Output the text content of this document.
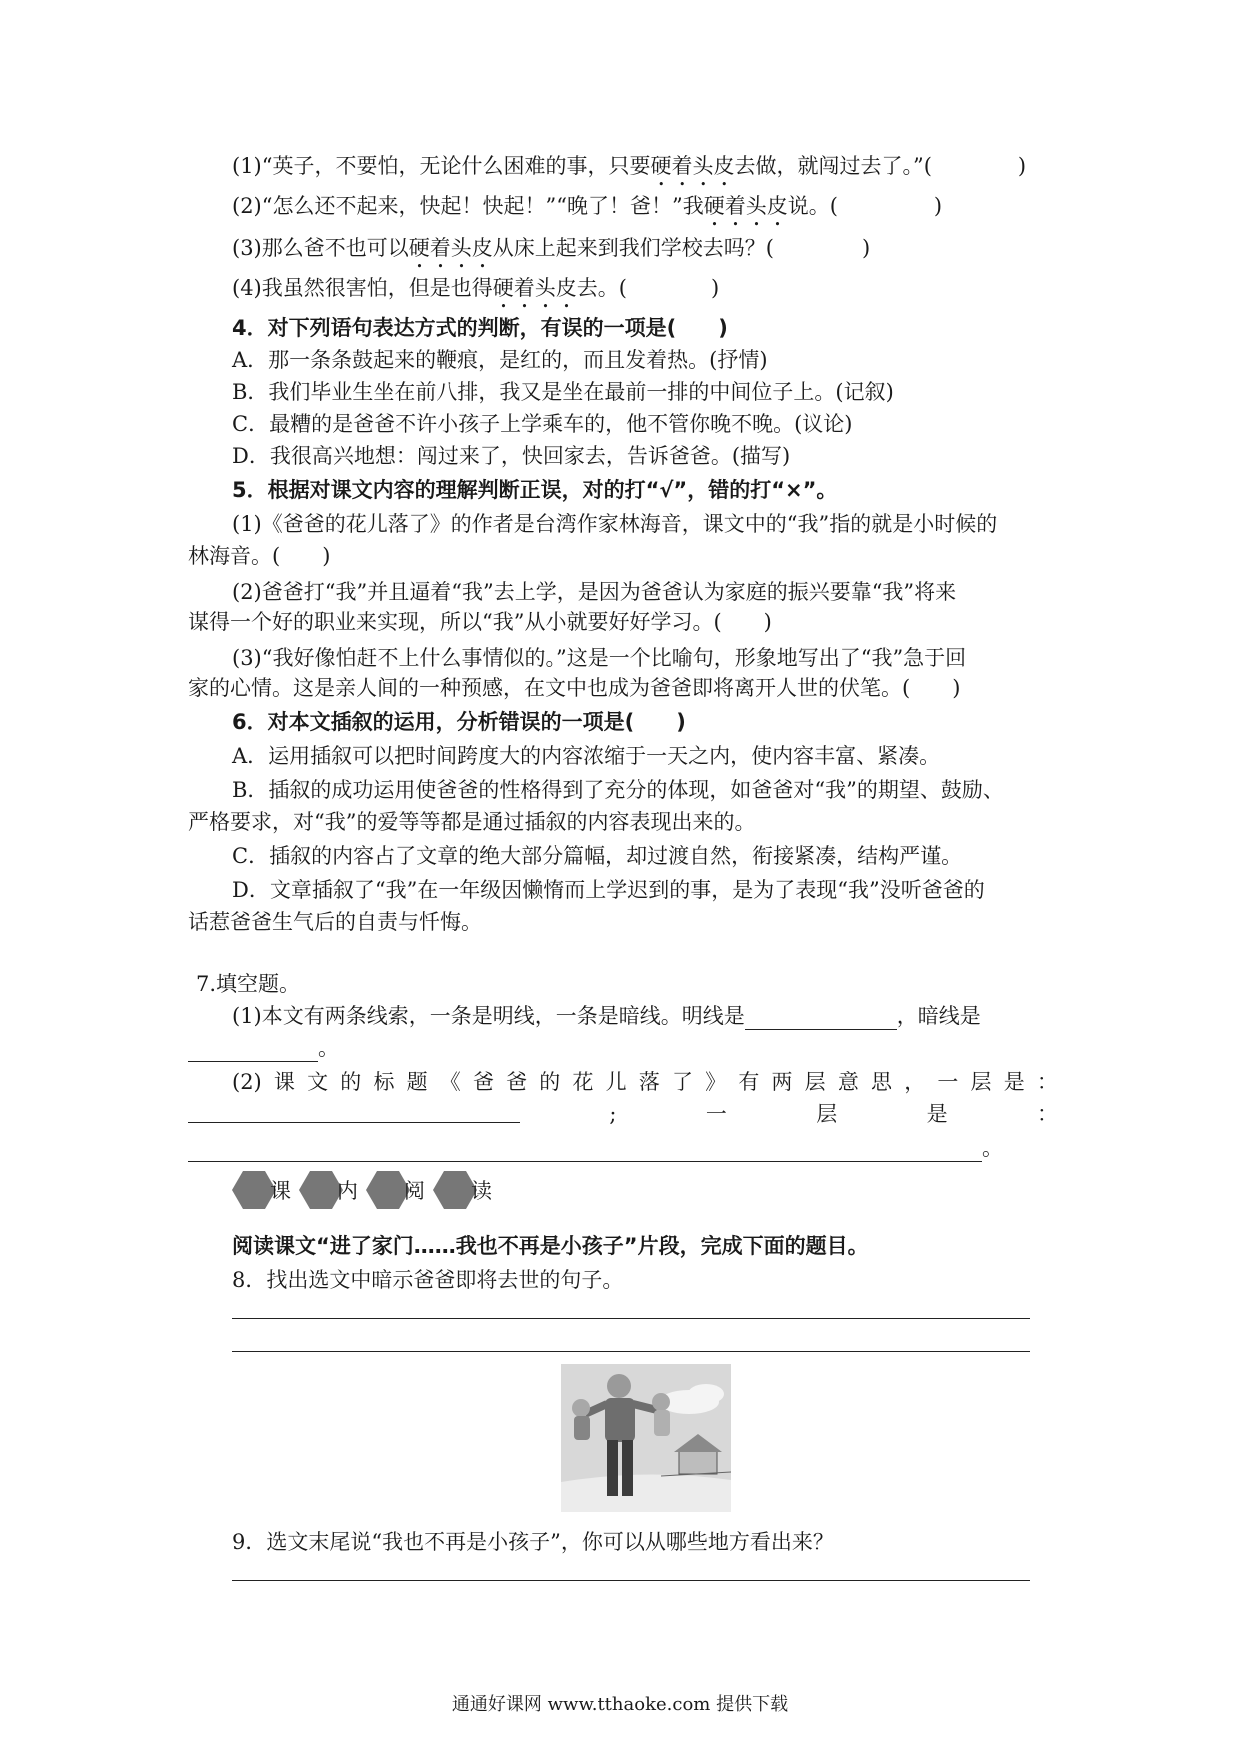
(1)“英子，不要怕，无论什么困难的事，只要硬着头皮去做，就闯过去了。”(	)
(2)“怎么还不起来，快起！快起！”“晚了！爸！”我硬着头皮说。(	)
(3)那么爸不也可以硬着头皮从床上起来到我们学校去吗？(	)
(4)我虽然很害怕，但是也得硬着头皮去。(	)
4．对下列语句表达方式的判断，有误的一项是(　　)
A．那一条条鼓起来的鞭痕，是红的，而且发着热。(抒情)
B．我们毕业生坐在前八排，我又是坐在最前一排的中间位子上。(记叙)
C．最糟的是爸爸不许小孩子上学乘车的，他不管你晚不晚。(议论)
D．我很高兴地想：闯过来了，快回家去，告诉爸爸。(描写)
5．根据对课文内容的理解判断正误，对的打“√”，错的打“×”。
(1)《爸爸的花儿落了》的作者是台湾作家林海音，课文中的“我”指的就是小时候的
林海音。(　　)
(2)爸爸打“我”并且逼着“我”去上学，是因为爸爸认为家庭的振兴要靠“我”将来
谋得一个好的职业来实现，所以“我”从小就要好好学习。(　　)
(3)“我好像怕赶不上什么事情似的。”这是一个比喻句，形象地写出了“我”急于回
家的心情。这是亲人间的一种预感，在文中也成为爸爸即将离开人世的伏笔。(　　)
6．对本文插叙的运用，分析错误的一项是(　　)
A．运用插叙可以把时间跨度大的内容浓缩于一天之内，使内容丰富、紧凑。
B．插叙的成功运用使爸爸的性格得到了充分的体现，如爸爸对“我”的期望、鼓励、
严格要求，对“我”的爱等等都是通过插叙的内容表现出来的。
C．插叙的内容占了文章的绝大部分篇幅，却过渡自然，衔接紧凑，结构严谨。
D．文章插叙了“我”在一年级因懒惰而上学迟到的事，是为了表现“我”没听爸爸的
话惹爸爸生气后的自责与忏悔。
7.填空题。
(1)本文有两条线索，一条是明线，一条是暗线。明线是	，暗线是
。
(2) 课 文 的 标 题 《 爸 爸 的 花 儿 落 了 》 有 两 层 意 思 ， 一 层 是 ：
;	一	层	是	：
。
课 内 阅 读
阅读课文“进了家门……我也不再是小孩子”片段，完成下面的题目。
8．找出选文中暗示爸爸即将去世的句子。
9．选文末尾说“我也不再是小孩子”，你可以从哪些地方看出来？
通通好课网 www.tthaoke.com 提供下载
